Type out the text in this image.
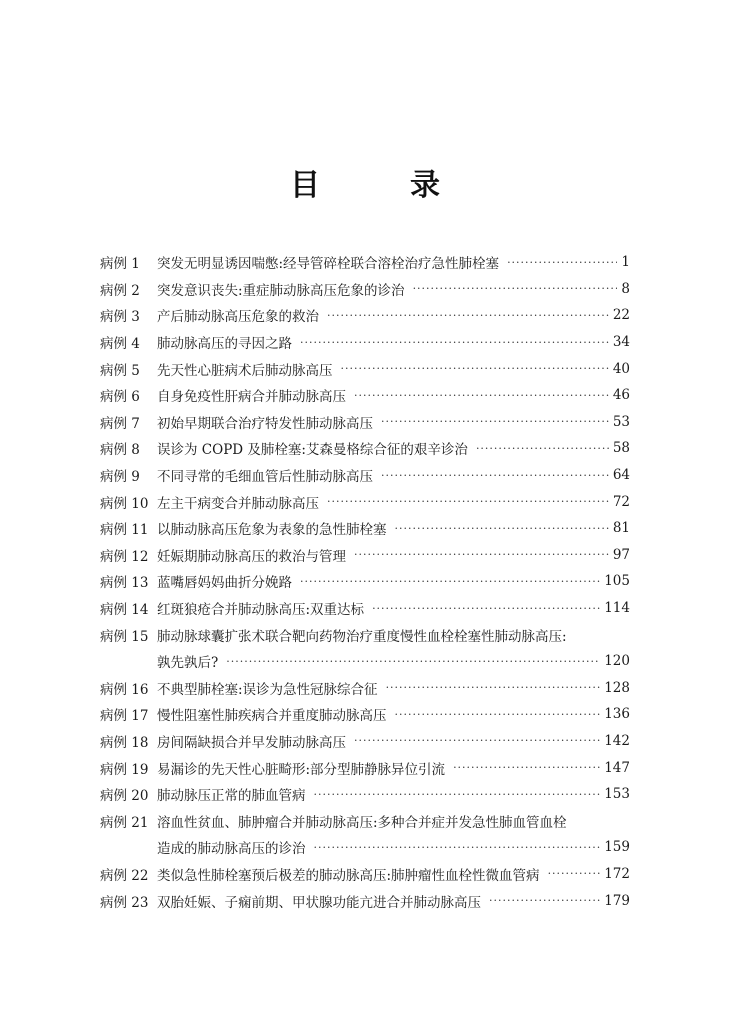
目　录
病例 1	突发无明显诱因喘憋:经导管碎栓联合溶栓治疗急性肺栓塞 ·····	1
病例 2	突发意识丧失:重症肺动脉高压危象的诊治 ·····	8
病例 3	产后肺动脉高压危象的救治 ·····	22
病例 4	肺动脉高压的寻因之路 ·····	34
病例 5	先天性心脏病术后肺动脉高压 ·····	40
病例 6	自身免疫性肝病合并肺动脉高压 ·····	46
病例 7	初始早期联合治疗特发性肺动脉高压 ·····	53
病例 8	误诊为 COPD 及肺栓塞:艾森曼格综合征的艰辛诊治 ·····	58
病例 9	不同寻常的毛细血管后性肺动脉高压 ·····	64
病例 10 左主干病变合并肺动脉高压 ·····	72
病例 11 以肺动脉高压危象为表象的急性肺栓塞 ·····	81
病例 12 妊娠期肺动脉高压的救治与管理 ·····	97
病例 13 蓝嘴唇妈妈曲折分娩路 ·····	105
病例 14 红斑狼疮合并肺动脉高压:双重达标 ·····	114
病例 15 肺动脉球囊扩张术联合靶向药物治疗重度慢性血栓栓塞性肺动脉高压:
孰先孰后? ·····	120
病例 16 不典型肺栓塞:误诊为急性冠脉综合征 ·····	128
病例 17 慢性阻塞性肺疾病合并重度肺动脉高压 ·····	136
病例 18 房间隔缺损合并早发肺动脉高压 ·····	142
病例 19 易漏诊的先天性心脏畸形:部分型肺静脉异位引流 ·····	147
病例 20 肺动脉压正常的肺血管病 ·····	153
病例 21 溶血性贫血、肺肿瘤合并肺动脉高压:多种合并症并发急性肺血管血栓
造成的肺动脉高压的诊治 ·····	159
病例 22 类似急性肺栓塞预后极差的肺动脉高压:肺肿瘤性血栓性微血管病 ·····	172
病例 23 双胎妊娠、子痫前期、甲状腺功能亢进合并肺动脉高压 ·····	179
